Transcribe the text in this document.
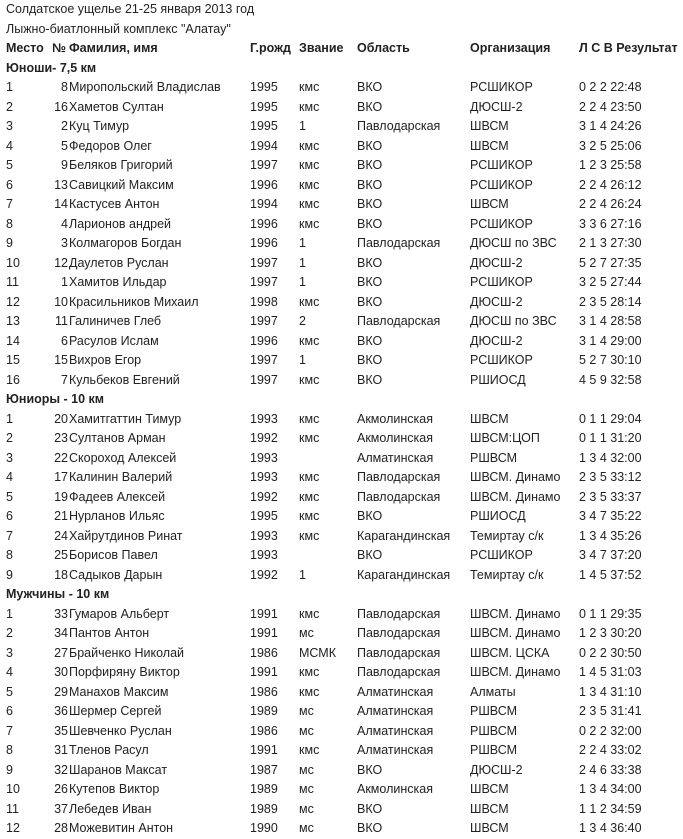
Солдатское ущелье 21-25 января 2013 год
Лыжно-биатлонный комплекс "Алатау"
Место	№	Фамилия, имя	Г.рожд	Звание	Область	Организация	Л С В Результат
Юноши- 7,5 км							
1	8	Миропольский Владислав	1995	кмс	ВКО	РСШИКОР	0 2 2 22:48
2	16	Хаметов Султан	1995	кмс	ВКО	ДЮСШ-2	2 2 4 23:50
3	2	Куц Тимур	1995	1	Павлодарская	ШВСМ	3 1 4 24:26
4	5	Федоров Олег	1994	кмс	ВКО	ШВСМ	3 2 5 25:06
5	9	Беляков Григорий	1997	кмс	ВКО	РСШИКОР	1 2 3 25:58
6	13	Савицкий Максим	1996	кмс	ВКО	РСШИКОР	2 2 4 26:12
7	14	Кастусев Антон	1994	кмс	ВКО	ШВСМ	2 2 4 26:24
8	4	Ларионов андрей	1996	кмс	ВКО	РСШИКОР	3 3 6 27:16
9	3	Колмагоров Богдан	1996	1	Павлодарская	ДЮСШ по ЗВС	2 1 3 27:30
10	12	Даулетов Руслан	1997	1	ВКО	ДЮСШ-2	5 2 7 27:35
11	1	Хамитов Ильдар	1997	1	ВКО	РСШИКОР	3 2 5 27:44
12	10	Красильников Михаил	1998	кмс	ВКО	ДЮСШ-2	2 3 5 28:14
13	11	Галиничев Глеб	1997	2	Павлодарская	ДЮСШ по ЗВС	3 1 4 28:58
14	6	Расулов Ислам	1996	кмс	ВКО	ДЮСШ-2	3 1 4 29:00
15	15	Вихров Егор	1997	1	ВКО	РСШИКОР	5 2 7 30:10
16	7	Кульбеков Евгений	1997	кмс	ВКО	РШИОСД	4 5 9 32:58
Юниоры - 10 км							
1	20	Хамитгаттин Тимур	1993	кмс	Акмолинская	ШВСМ	0 1 1 29:04
2	23	Султанов Арман	1992	кмс	Акмолинская	ШВСМ:ЦОП	0 1 1 31:20
3	22	Скороход Алексей	1993		Алматинская	РШВСМ	1 3 4 32:00
4	17	Калинин Валерий	1993	кмс	Павлодарская	ШВСМ. Динамо	2 3 5 33:12
5	19	Фадеев Алексей	1992	кмс	Павлодарская	ШВСМ. Динамо	2 3 5 33:37
6	21	Нурланов Ильяс	1995	кмс	ВКО	РШИОСД	3 4 7 35:22
7	24	Хайрутдинов Ринат	1993	кмс	Карагандинская	Темиртау с/к	1 3 4 35:26
8	25	Борисов Павел	1993		ВКО	РСШИКОР	3 4 7 37:20
9	18	Садыков Дарын	1992	1	Карагандинская	Темиртау с/к	1 4 5 37:52
Мужчины - 10 км							
1	33	Гумаров Альберт	1991	кмс	Павлодарская	ШВСМ. Динамо	0 1 1 29:35
2	34	Пантов Антон	1991	мс	Павлодарская	ШВСМ. Динамо	1 2 3 30:20
3	27	Брайченко Николай	1986	МСМК	Павлодарская	ШВСМ. ЦСКА	0 2 2 30:50
4	30	Порфиряну Виктор	1991	кмс	Павлодарская	ШВСМ. Динамо	1 4 5 31:03
5	29	Манахов Максим	1986	кмс	Алматинская	Алматы	1 3 4 31:10
6	36	Шермер Сергей	1989	мс	Алматинская	РШВСМ	2 3 5 31:41
7	35	Шевченко Руслан	1986	мс	Алматинская	РШВСМ	0 2 2 32:00
8	31	Тленов Расул	1991	кмс	Алматинская	РШВСМ	2 2 4 33:02
9	32	Шаранов Максат	1987	мс	ВКО	ДЮСШ-2	2 4 6 33:38
10	26	Кутепов Виктор	1989	мс	Акмолинская	ШВСМ	1 3 4 34:00
11	37	Лебедев Иван	1989	мс	ВКО	ШВСМ	1 1 2 34:59
12	28	Можевитин Антон	1990	мс	ВКО	ШВСМ	1 3 4 36:40
